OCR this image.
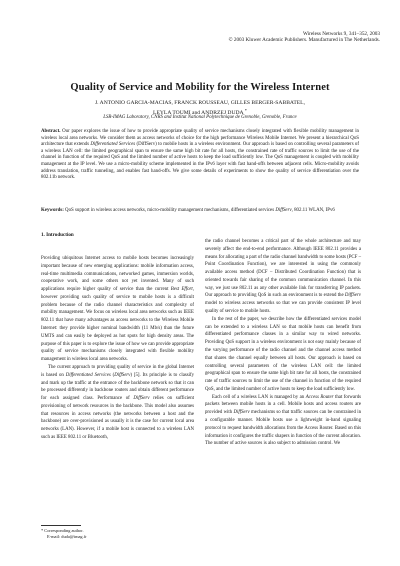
Wireless Networks 9, 341–352, 2003
© 2003 Kluwer Academic Publishers. Manufactured in The Netherlands.
Quality of Service and Mobility for the Wireless Internet
J. ANTONIO GARCIA-MACIAS, FRANCK ROUSSEAU, GILLES BERGER-SABBATEL,
LEYLA TOUMI and ANDRZEJ DUDA *
LSR-IMAG Laboratory, CNRS and Institut National Polytechnique de Grenoble, Grenoble, France
Abstract. Our paper explores the issue of how to provide appropriate quality of service mechanisms closely integrated with flexible mobility management in wireless local area networks. We consider them as access networks of choice for the high performance Wireless Mobile Internet. We present a hierarchical QoS architecture that extends Differentiated Services (DiffServ) to mobile hosts in a wireless environment. Our approach is based on controlling several parameters of a wireless LAN cell: the limited geographical span to ensure the same high bit rate for all hosts, the constrained rate of traffic sources to limit the use of the channel in function of the required QoS and the limited number of active hosts to keep the load sufficiently low. The QoS management is coupled with mobility management at the IP level. We use a micro-mobility scheme implemented in the IPv6 layer with fast hand-offs between adjacent cells. Micro-mobility avoids address translation, traffic tunneling, and enables fast hand-offs. We give some details of experiments to show the quality of service differentiation over the 802.11b network.
Keywords: QoS support in wireless access networks, micro-mobility management mechanisms, differentiated services DiffServ, 802.11 WLAN, IPv6
1. Introduction

Providing ubiquitous Internet access to mobile hosts becomes increasingly important because of new emerging applications: mobile information access, real-time multimedia communications, networked games, immersion worlds, cooperative work, and some others not yet invented. Many of such applications require higher quality of service than the current Best Effort, however providing such quality of service to mobile hosts is a difficult problem because of the radio channel characteristics and complexity of mobility management. We focus on wireless local area networks such as IEEE 802.11 that have many advantages as access networks to the Wireless Mobile Internet: they provide higher nominal bandwidth (11 Mb/s) than the future UMTS and can easily be deployed as hot spots for high density areas. The purpose of this paper is to explore the issue of how we can provide appropriate quality of service mechanisms closely integrated with flexible mobility management in wireless local area networks.

The current approach to providing quality of service in the global Internet is based on Differentiated Services (DiffServ) [5]. Its principle is to classify and mark up the traffic at the entrance of the backbone network so that it can be processed differently in backbone routers and obtain different performance for each assigned class. Performance of DiffServ relies on sufficient provisioning of network resources in the backbone. This model also assumes that resources in access networks (the networks between a host and the backbone) are over-provisioned as usually it is the case for current local area networks (LAN). However, if a mobile host is connected to a wireless LAN such as IEEE 802.11 or Bluetooth,

the radio channel becomes a critical part of the whole architecture and may severely affect the end-to-end performance. Although IEEE 802.11 provides a means for allocating a part of the radio channel bandwidth to some hosts (PCF – Point Coordination Function), we are interested in using the commonly available access method (DCF – Distributed Coordination Function) that is oriented towards fair sharing of the common communication channel. In this way, we just use 802.11 as any other available link for transferring IP packets. Our approach to providing QoS in such an environment is to extend the DiffServ model to wireless access networks so that we can provide consistent IP level quality of service to mobile hosts.

In the rest of the paper, we describe how the differentiated services model can be extended to a wireless LAN so that mobile hosts can benefit from differentiated performance classes in a similar way to wired networks. Providing QoS support in a wireless environment is not easy mainly because of the varying performance of the radio channel and the channel access method that shares the channel equally between all hosts. Our approach is based on controlling several parameters of the wireless LAN cell: the limited geographical span to ensure the same high bit rate for all hosts, the constrained rate of traffic sources to limit the use of the channel in function of the required QoS, and the limited number of active hosts to keep the load sufficiently low.

Each cell of a wireless LAN is managed by an Access Router that forwards packets between mobile hosts in a cell. Mobile hosts and access routers are provided with DiffServ mechanisms so that traffic sources can be constrained in a configurable manner. Mobile hosts use a lightweight in-band signaling protocol to request bandwidth allocations from the Access Router. Based on this information it configures the traffic shapers in function of the current allocation. The number of active sources is also subject to admission control. We

* Corresponding author.
E-mail: duda@imag.fr
